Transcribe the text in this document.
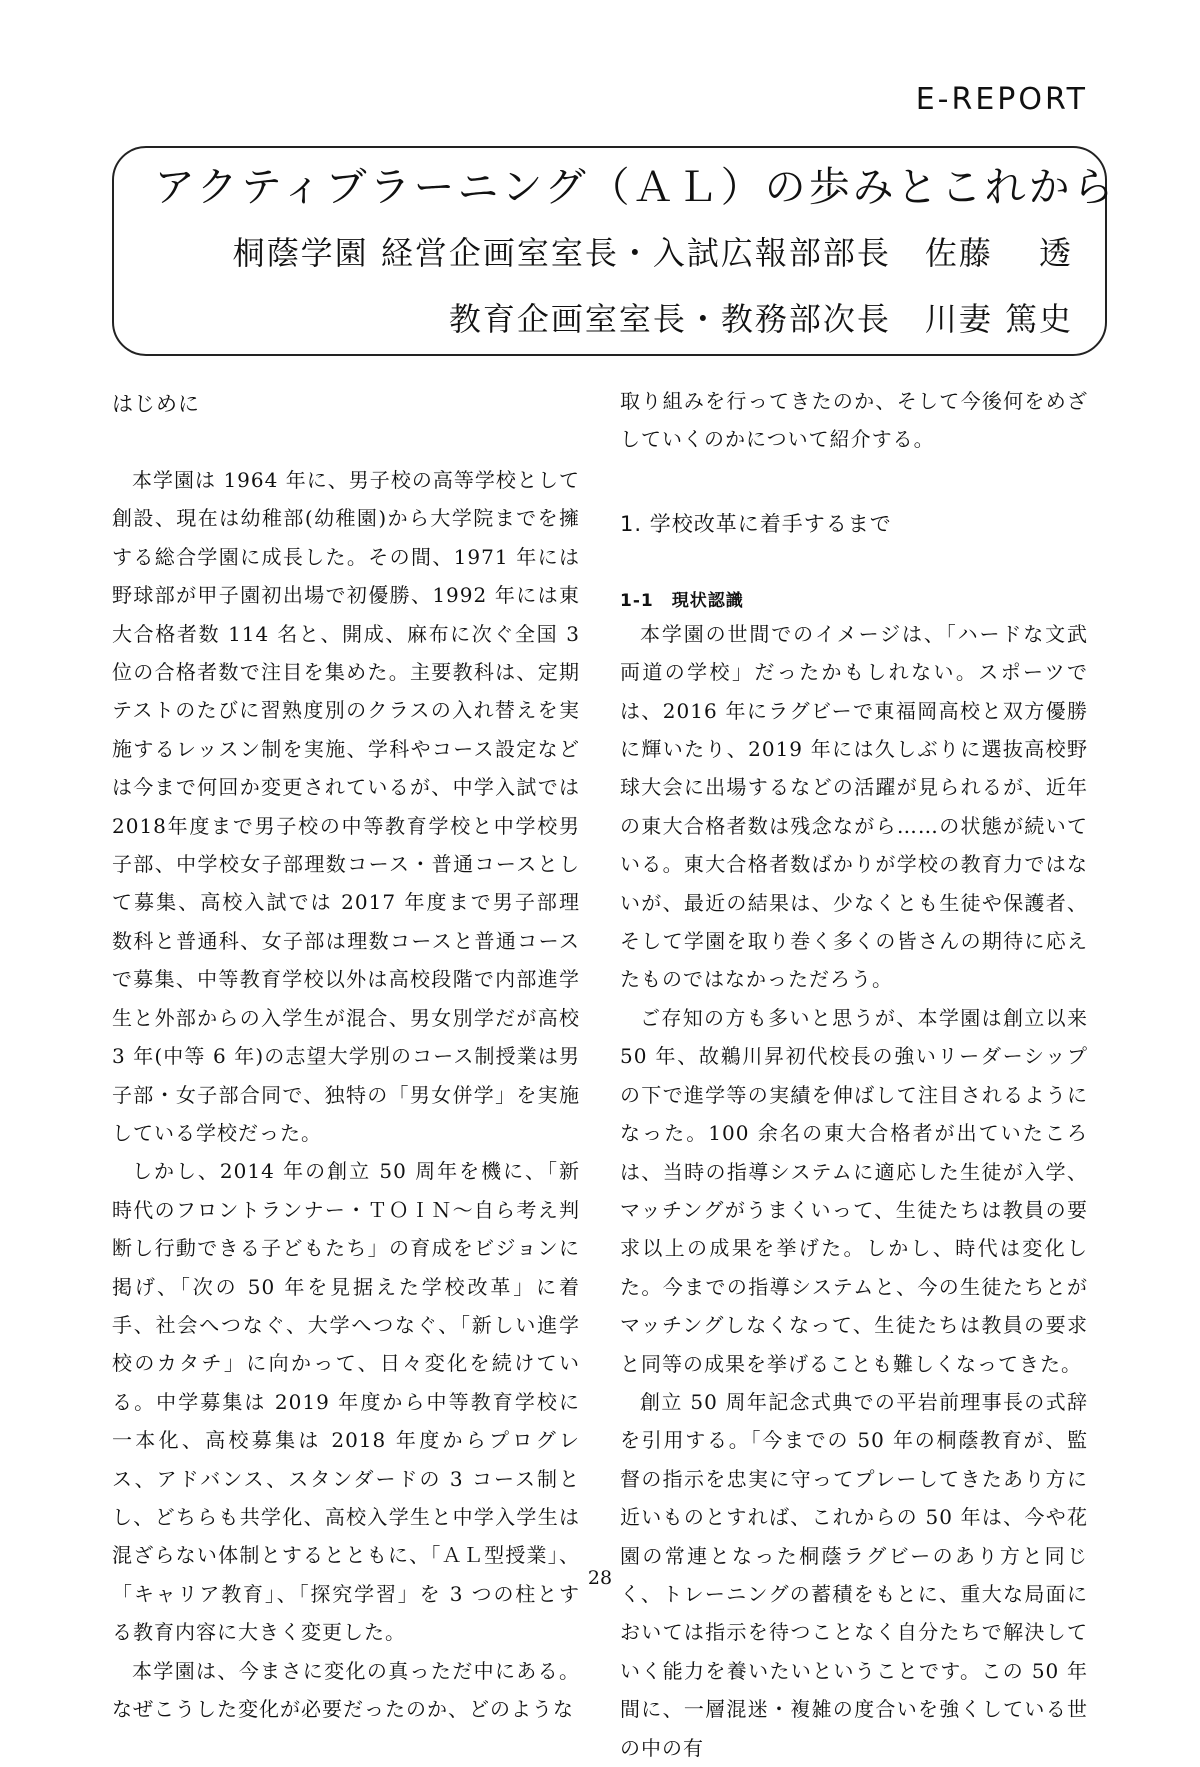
E-REPORT
アクティブラーニング（ＡＬ）の歩みとこれから
桐蔭学園 経営企画室室長・入試広報部部長　佐藤　 透
教育企画室室長・教務部次長　川妻 篤史
はじめに

本学園は 1964 年に、男子校の高等学校として創設、現在は幼稚部(幼稚園)から大学院までを擁する総合学園に成長した。その間、1971 年には野球部が甲子園初出場で初優勝、1992 年には東大合格者数 114 名と、開成、麻布に次ぐ全国 3 位の合格者数で注目を集めた。主要教科は、定期テストのたびに習熟度別のクラスの入れ替えを実施するレッスン制を実施、学科やコース設定などは今まで何回か変更されているが、中学入試では2018年度まで男子校の中等教育学校と中学校男子部、中学校女子部理数コース・普通コースとして募集、高校入試では 2017 年度まで男子部理数科と普通科、女子部は理数コースと普通コースで募集、中等教育学校以外は高校段階で内部進学生と外部からの入学生が混合、男女別学だが高校 3 年(中等 6 年)の志望大学別のコース制授業は男子部・女子部合同で、独特の「男女併学」を実施している学校だった。

しかし、2014 年の創立 50 周年を機に、「新時代のフロントランナー・ＴＯＩＮ～自ら考え判断し行動できる子どもたち」の育成をビジョンに掲げ、「次の 50 年を見据えた学校改革」に着手、社会へつなぐ、大学へつなぐ、「新しい進学校のカタチ」に向かって、日々変化を続けている。中学募集は 2019 年度から中等教育学校に一本化、高校募集は 2018 年度からプログレス、アドバンス、スタンダードの 3 コース制とし、どちらも共学化、高校入学生と中学入学生は混ざらない体制とするとともに、「ＡＬ型授業」、「キャリア教育」、「探究学習」を 3 つの柱とする教育内容に大きく変更した。

本学園は、今まさに変化の真っただ中にある。なぜこうした変化が必要だったのか、どのような

取り組みを行ってきたのか、そして今後何をめざしていくのかについて紹介する。

1. 学校改革に着手するまで
1-1　現状認識

本学園の世間でのイメージは、「ハードな文武両道の学校」だったかもしれない。スポーツでは、2016 年にラグビーで東福岡高校と双方優勝に輝いたり、2019 年には久しぶりに選抜高校野球大会に出場するなどの活躍が見られるが、近年の東大合格者数は残念ながら……の状態が続いている。東大合格者数ばかりが学校の教育力ではないが、最近の結果は、少なくとも生徒や保護者、そして学園を取り巻く多くの皆さんの期待に応えたものではなかっただろう。

ご存知の方も多いと思うが、本学園は創立以来 50 年、故鵜川昇初代校長の強いリーダーシップの下で進学等の実績を伸ばして注目されるようになった。100 余名の東大合格者が出ていたころは、当時の指導システムに適応した生徒が入学、マッチングがうまくいって、生徒たちは教員の要求以上の成果を挙げた。しかし、時代は変化した。今までの指導システムと、今の生徒たちとがマッチングしなくなって、生徒たちは教員の要求と同等の成果を挙げることも難しくなってきた。

創立 50 周年記念式典での平岩前理事長の式辞を引用する。「今までの 50 年の桐蔭教育が、監督の指示を忠実に守ってプレーしてきたあり方に近いものとすれば、これからの 50 年は、今や花園の常連となった桐蔭ラグビーのあり方と同じく、トレーニングの蓄積をもとに、重大な局面においては指示を待つことなく自分たちで解決していく能力を養いたいということです。この 50 年間に、一層混迷・複雑の度合いを強くしている世の中の有

28
